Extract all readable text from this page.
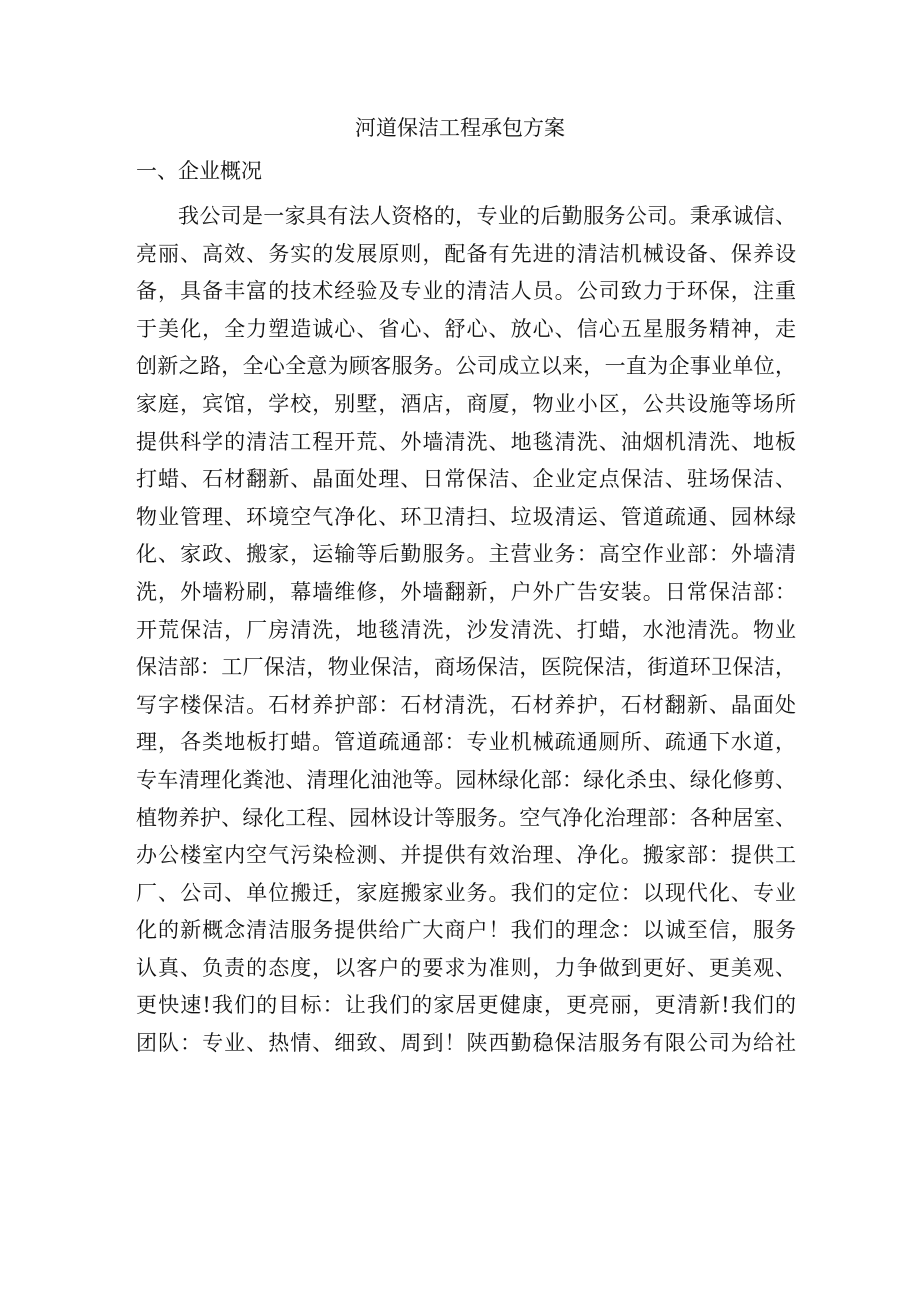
河道保洁工程承包方案
一、企业概况
我公司是一家具有法人资格的，专业的后勤服务公司。秉承诚信、
亮丽、高效、务实的发展原则，配备有先进的清洁机械设备、保养设
备，具备丰富的技术经验及专业的清洁人员。公司致力于环保，注重
于美化，全力塑造诚心、省心、舒心、放心、信心五星服务精神，走
创新之路，全心全意为顾客服务。公司成立以来，一直为企事业单位，
家庭，宾馆，学校，别墅，酒店，商厦，物业小区，公共设施等场所
提供科学的清洁工程开荒、外墙清洗、地毯清洗、油烟机清洗、地板
打蜡、石材翻新、晶面处理、日常保洁、企业定点保洁、驻场保洁、
物业管理、环境空气净化、环卫清扫、垃圾清运、管道疏通、园林绿
化、家政、搬家，运输等后勤服务。主营业务：高空作业部：外墙清
洗，外墙粉刷，幕墙维修，外墙翻新，户外广告安装。日常保洁部：
开荒保洁，厂房清洗，地毯清洗，沙发清洗、打蜡，水池清洗。物业
保洁部：工厂保洁，物业保洁，商场保洁，医院保洁，街道环卫保洁，
写字楼保洁。石材养护部：石材清洗，石材养护，石材翻新、晶面处
理，各类地板打蜡。管道疏通部：专业机械疏通厕所、疏通下水道，
专车清理化粪池、清理化油池等。园林绿化部：绿化杀虫、绿化修剪、
植物养护、绿化工程、园林设计等服务。空气净化治理部：各种居室、
办公楼室内空气污染检测、并提供有效治理、净化。搬家部：提供工
厂、公司、单位搬迁，家庭搬家业务。我们的定位：以现代化、专业
化的新概念清洁服务提供给广大商户！我们的理念：以诚至信，服务
认真、负责的态度，以客户的要求为准则，力争做到更好、更美观、
更快速!我们的目标：让我们的家居更健康，更亮丽，更清新!我们的
团队：专业、热情、细致、周到！陕西勤稳保洁服务有限公司为给社
